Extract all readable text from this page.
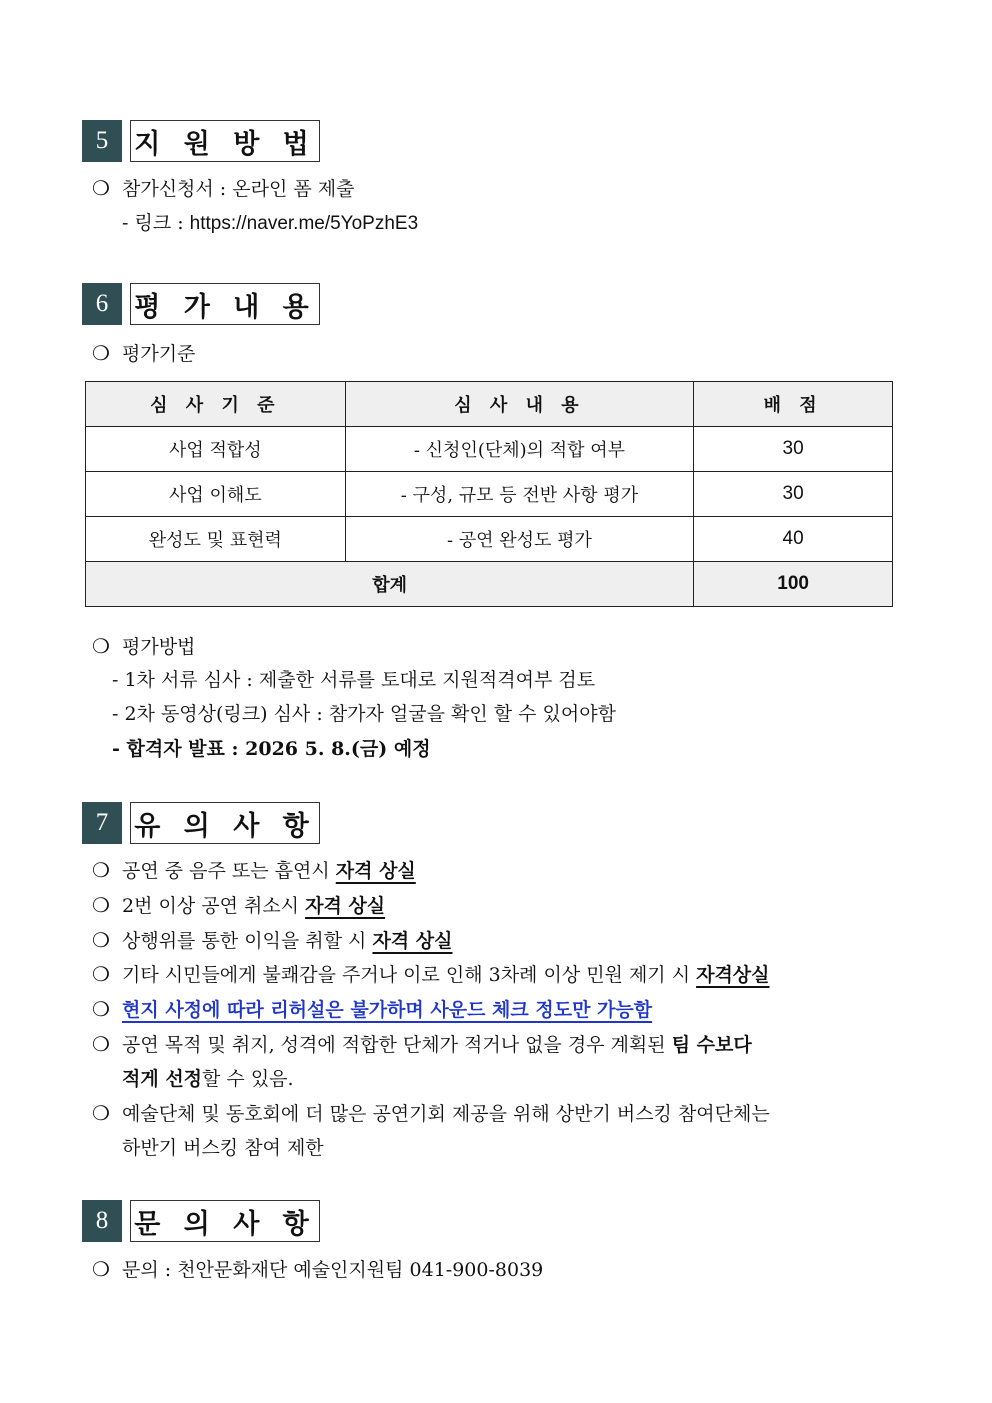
5 지 원 방 법
❍ 참가신청서 : 온라인 폼 제출
- 링크 : https://naver.me/5YoPzhE3
6 평 가 내 용
❍ 평가기준
심 사 기 준	심 사 내 용	배 점
사업 적합성	- 신청인(단체)의 적합 여부	30
사업 이해도	- 구성, 규모 등 전반 사항 평가	30
완성도 및 표현력	- 공연 완성도 평가	40
합계		100
❍ 평가방법
- 1차 서류 심사 : 제출한 서류를 토대로 지원적격여부 검토
- 2차 동영상(링크) 심사 : 참가자 얼굴을 확인 할 수 있어야함
- 합격자 발표 : 2026 5. 8.(금) 예정
7 유 의 사 항
❍ 공연 중 음주 또는 흡연시 자격 상실
❍ 2번 이상 공연 취소시 자격 상실
❍ 상행위를 통한 이익을 취할 시 자격 상실
❍ 기타 시민들에게 불쾌감을 주거나 이로 인해 3차례 이상 민원 제기 시 자격상실
❍ 현지 사정에 따라 리허설은 불가하며 사운드 체크 정도만 가능함
❍ 공연 목적 및 취지, 성격에 적합한 단체가 적거나 없을 경우 계획된 팀 수보다
적게 선정할 수 있음.
❍ 예술단체 및 동호회에 더 많은 공연기회 제공을 위해 상반기 버스킹 참여단체는
하반기 버스킹 참여 제한
8 문 의 사 항
❍ 문의 : 천안문화재단 예술인지원팀 041-900-8039
